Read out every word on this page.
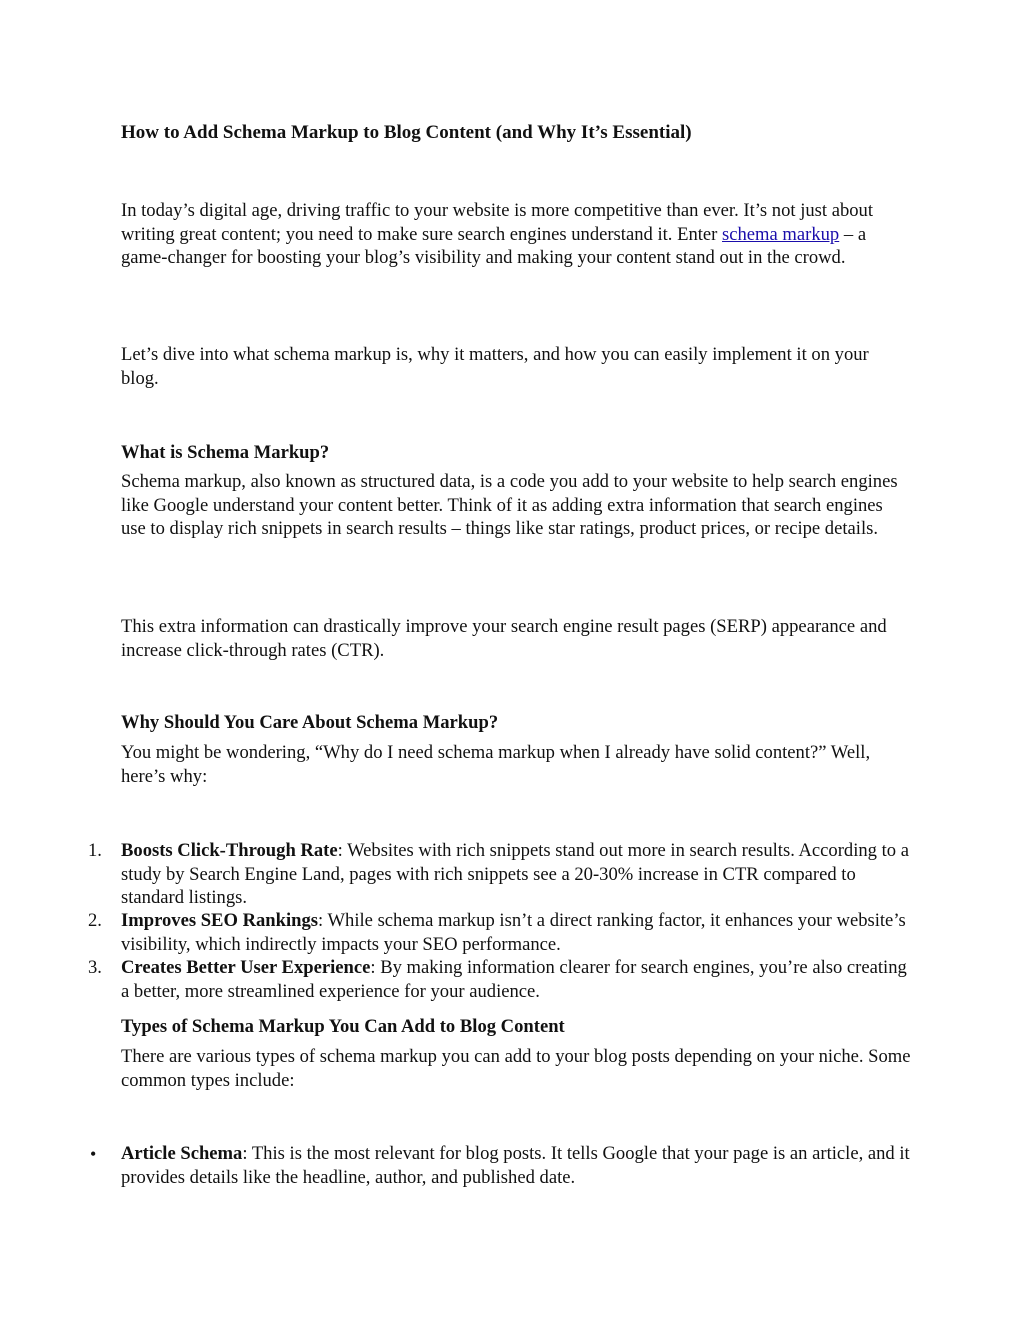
How to Add Schema Markup to Blog Content (and Why It’s Essential)
In today’s digital age, driving traffic to your website is more competitive than ever. It’s not just about writing great content; you need to make sure search engines understand it. Enter schema markup – a game-changer for boosting your blog’s visibility and making your content stand out in the crowd.
Let’s dive into what schema markup is, why it matters, and how you can easily implement it on your blog.
What is Schema Markup?
Schema markup, also known as structured data, is a code you add to your website to help search engines like Google understand your content better. Think of it as adding extra information that search engines use to display rich snippets in search results – things like star ratings, product prices, or recipe details.
This extra information can drastically improve your search engine result pages (SERP) appearance and increase click-through rates (CTR).
Why Should You Care About Schema Markup?
You might be wondering, “Why do I need schema markup when I already have solid content?” Well, here’s why:
1. Boosts Click-Through Rate: Websites with rich snippets stand out more in search results. According to a study by Search Engine Land, pages with rich snippets see a 20-30% increase in CTR compared to standard listings.
2. Improves SEO Rankings: While schema markup isn’t a direct ranking factor, it enhances your website’s visibility, which indirectly impacts your SEO performance.
3. Creates Better User Experience: By making information clearer for search engines, you’re also creating a better, more streamlined experience for your audience.
Types of Schema Markup You Can Add to Blog Content
There are various types of schema markup you can add to your blog posts depending on your niche. Some common types include:
• Article Schema: This is the most relevant for blog posts. It tells Google that your page is an article, and it provides details like the headline, author, and published date.
